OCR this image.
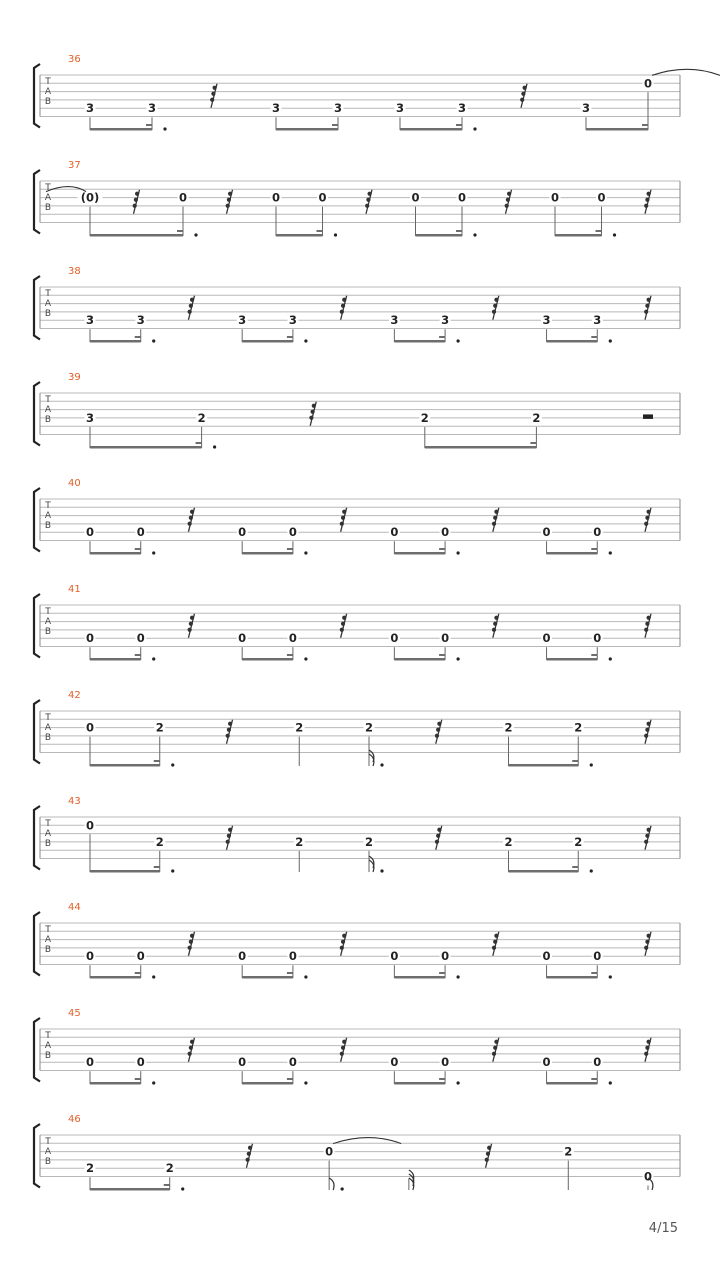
T
A
B
36
3	3	3	3	3	3	3
0
T
A
B
37
(0)	0	0	0	0	0	0	0
T
A
B
38
3	3	3	3	3	3	3	3
T
A
B
39
3	2	2	2
T
A
B
40
0	0	0	0	0	0	0	0
T
A
B
41
0	0	0	0	0	0	0	0
T
A
B
42
0	2	2	2	2	2
T
A
B
43
0
2	2	2	2	2
T
A
B
44
0	0	0	0	0	0	0	0
T
A
B
45
0	0	0	0	0	0	0	0
T
A
B
46
2	2
0	2
0
4/15
